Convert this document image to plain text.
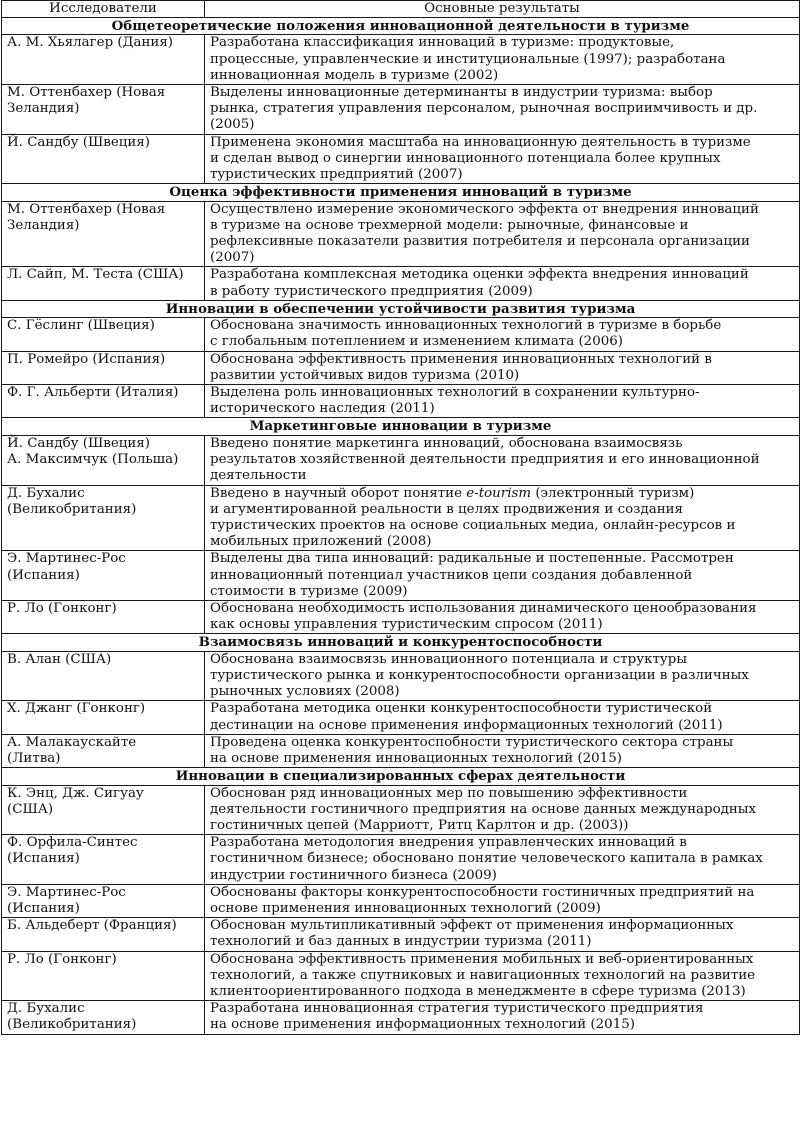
Исследователи	Основные результаты
Общетеоретические положения инновационной деятельности в туризме	

А. М. Хьялагер (Дания)	Разработана классификация инноваций в туризме: продуктовые,
процессные, управленческие и институциональные (1997); разработана
инновационная модель в туризме (2002)

М. Оттенбахер (Новая
Зеландия)	Выделены инновационные детерминанты в индустрии туризма: выбор
рынка, стратегия управления персоналом, рыночная восприимчивость и др.
(2005)

Й. Сандбу (Швеция)	Применена экономия масштаба на инновационную деятельность в туризме
и сделан вывод о синергии инновационного потенциала более крупных
туристических предприятий (2007)

Оценка эффективности применения инноваций в туризме	

М. Оттенбахер (Новая
Зеландия)	Осуществлено измерение экономического эффекта от внедрения инноваций
в туризме на основе трехмерной модели: рыночные, финансовые и
рефлексивные показатели развития потребителя и персонала организации
(2007)

Л. Сайп, М. Теста (США)	Разработана комплексная методика оценки эффекта внедрения инноваций
в работу туристического предприятия (2009)

Инновации в обеспечении устойчивости развития туризма	

С. Гёслинг (Швеция)	Обоснована значимость инновационных технологий в туризме в борьбе
с глобальным потеплением и изменением климата (2006)

П. Ромейро (Испания)	Обоснована эффективность применения инновационных технологий в
развитии устойчивых видов туризма (2010)

Ф. Г. Альберти (Италия)	Выделена роль инновационных технологий в сохранении культурно-
исторического наследия (2011)

Маркетинговые инновации в туризме	

Й. Сандбу (Швеция)
А. Максимчук (Польша)	Введено понятие маркетинга инноваций, обоснована взаимосвязь
результатов хозяйственной деятельности предприятия и его инновационной
деятельности

Д. Бухалис
(Великобритания)	Введено в научный оборот понятие e-tourism (электронный туризм)
и агументированной реальности в целях продвижения и создания
туристических проектов на основе социальных медиа, онлайн-ресурсов и
мобильных приложений (2008)

Э. Мартинес-Рос
(Испания)	Выделены два типа инноваций: радикальные и постепенные. Рассмотрен
инновационный потенциал участников цепи создания добавленной
стоимости в туризме (2009)

Р. Ло (Гонконг)	Обоснована необходимость использования динамического ценообразования
как основы управления туристическим спросом (2011)

Взаимосвязь инноваций и конкурентоспособности	

В. Алан (США)	Обоснована взаимосвязь инновационного потенциала и структуры
туристического рынка и конкурентоспособности организации в различных
рыночных условиях (2008)

Х. Джанг (Гонконг)	Разработана методика оценки конкурентоспособности туристической
дестинации на основе применения информационных технологий (2011)

А. Малакаускайте
(Литва)	Проведена оценка конкурентоспобности туристического сектора страны
на основе применения инновационных технологий (2015)

Инновации в специализированных сферах деятельности	

К. Энц, Дж. Сигуау
(США)	Обоснован ряд инновационных мер по повышению эффективности
деятельности гостиничного предприятия на основе данных международных
гостиничных цепей (Марриотт, Ритц Карлтон и др. (2003))

Ф. Орфила-Синтес
(Испания)	Разработана методология внедрения управленческих инноваций в
гостиничном бизнесе; обосновано понятие человеческого капитала в рамках
индустрии гостиничного бизнеса (2009)

Э. Мартинес-Рос
(Испания)	Обоснованы факторы конкурентоспособности гостиничных предприятий на
основе применения инновационных технологий (2009)

Б. Альдеберт (Франция)	Обоснован мультипликативный эффект от применения информационных
технологий и баз данных в индустрии туризма (2011)

Р. Ло (Гонконг)	Обоснована эффективность применения мобильных и веб-ориентированных
технологий, а также спутниковых и навигационных технологий на развитие
клиентоориентированного подхода в менеджменте в сфере туризма (2013)

Д. Бухалис
(Великобритания)	Разработана инновационная стратегия туристического предприятия
на основе применения информационных технологий (2015)
